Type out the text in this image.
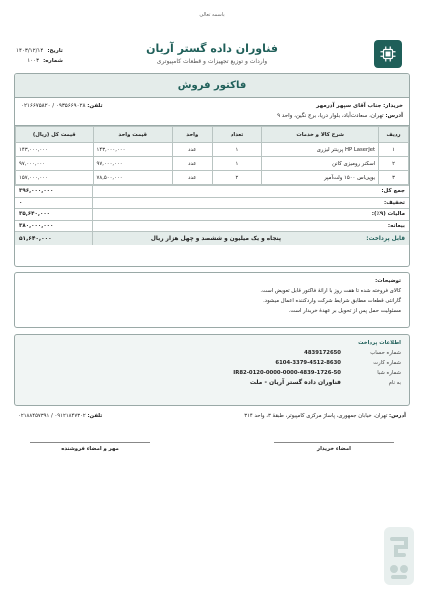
باسمه تعالی
فناوران داده گستر آریان
واردات و توزیع تجهیزات و قطعات کامپیوتری
تاریخ:
۱۴۰۳/۱۲/۱۴
شماره:
۱۰۰۳
فاکتور فروش
خریدار: جناب آقای سپهر آذرمهر
آدرس: تهران، سعادت‌آباد، بلوار دریا، برج نگین، واحد ۹
تلفن: ۰۹۳۵۶۶۹۰۲۸ / ۰۲۱۶۶۷۵۸۲۰
ردیف	شرح کالا و خدمات	تعداد	واحد	قیمت واحد	قیمت کل (ریال)
۱	HP LaserJet پرینتر لیزری	۱	عدد	۱۴۳,۰۰۰,۰۰۰	۱۴۳,۰۰۰,۰۰۰
۲	اسکنر رومیزی کانن	۱	عدد	۹۷,۰۰۰,۰۰۰	۹۷,۰۰۰,۰۰۰
۳	یوپی‌اس ۱۵۰۰ ولت‌آمپر	۲	عدد	۷۸,۵۰۰,۰۰۰	۱۵۷,۰۰۰,۰۰۰
جمع کل:
۳۹۶,۰۰۰,۰۰۰
تخفیف:
۰
مالیات (۹٪):
۳۵,۶۴۰,۰۰۰
بیعانه:
۳۸۰,۰۰۰,۰۰۰
قابل پرداخت:
پنجاه و یک میلیون و ششصد و چهل هزار ریال
۵۱,۶۴۰,۰۰۰
توضیحات:
کالای فروخته شده تا هفت روز با ارائهٔ فاکتور قابل تعویض است.
گارانتی قطعات مطابق شرایط شرکت واردکننده اعمال میشود.
مسئولیت حمل پس از تحویل بر عهدهٔ خریدار است.
اطلاعات پرداخت
شماره حساب
4839172650
شماره کارت
6104-3379-4512-8630
شماره شبا
IR82-0120-0000-0000-4839-1726-50
به نام
فناوران داده گستر آریان - ملت
آدرس: تهران، خیابان جمهوری، پاساژ مرکزی کامپیوتر، طبقهٔ ۳، واحد ۳۱۴
تلفن: ۰۹۱۲۱۸۴۷۳۰۲ / ۰۲۱۸۸۴۵۷۳۹۱
امضاء خریدار
مهر و امضاء فروشنده
